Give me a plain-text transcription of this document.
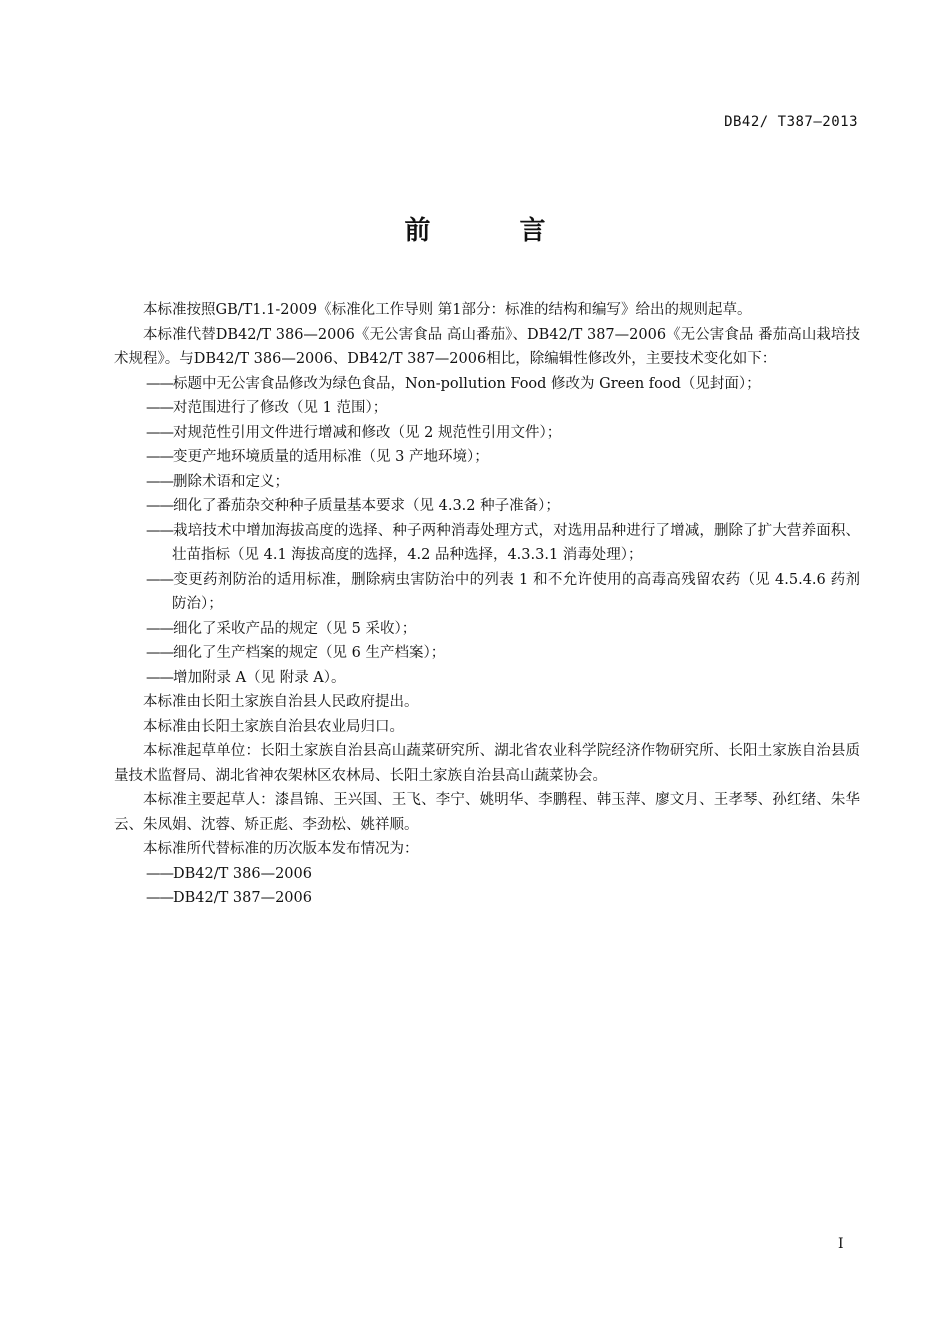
DB42/ T387—2013
前 言

本标准按照GB/T1.1-2009《标准化工作导则 第1部分：标准的结构和编写》给出的规则起草。

本标准代替DB42/T 386—2006《无公害食品 高山番茄》、DB42/T 387—2006《无公害食品 番茄高山栽培技术规程》。与DB42/T 386—2006、DB42/T 387—2006相比，除编辑性修改外，主要技术变化如下：

——标题中无公害食品修改为绿色食品，Non-pollution Food 修改为 Green food（见封面）；

——对范围进行了修改（见 1 范围）；

——对规范性引用文件进行增减和修改（见 2 规范性引用文件）；

——变更产地环境质量的适用标准（见 3 产地环境）；

——删除术语和定义；

——细化了番茄杂交种种子质量基本要求（见 4.3.2 种子准备）；

——栽培技术中增加海拔高度的选择、种子两种消毒处理方式，对选用品种进行了增减，删除了扩大营养面积、壮苗指标（见 4.1 海拔高度的选择，4.2 品种选择，4.3.3.1 消毒处理）；

——变更药剂防治的适用标准，删除病虫害防治中的列表 1 和不允许使用的高毒高残留农药（见 4.5.4.6 药剂防治）；

——细化了采收产品的规定（见 5 采收）；

——细化了生产档案的规定（见 6 生产档案）；

——增加附录 A（见 附录 A）。

本标准由长阳土家族自治县人民政府提出。

本标准由长阳土家族自治县农业局归口。

本标准起草单位：长阳土家族自治县高山蔬菜研究所、湖北省农业科学院经济作物研究所、长阳土家族自治县质量技术监督局、湖北省神农架林区农林局、长阳土家族自治县高山蔬菜协会。

本标准主要起草人：漆昌锦、王兴国、王飞、李宁、姚明华、李鹏程、韩玉萍、廖文月、王孝琴、孙红绪、朱华云、朱凤娟、沈蓉、矫正彪、李劲松、姚祥顺。

本标准所代替标准的历次版本发布情况为：

——DB42/T 386—2006

——DB42/T 387—2006

I
